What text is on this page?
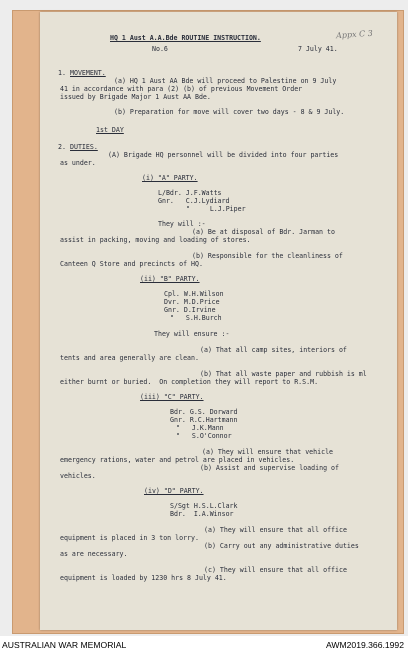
Appx C 3
HQ 1 Aust A.A.Bde ROUTINE INSTRUCTION.
No.6	7 July 41.
1. MOVEMENT.
(a) HQ 1 Aust AA Bde will proceed to Palestine on 9 July
41 in accordance with para (2) (b) of previous Movement Order
issued by Brigade Major 1 Aust AA Bde.
(b) Preparation for move will cover two days - 8 & 9 July.
1st DAY
2. DUTIES.
(A) Brigade HQ personnel will be divided into four parties
as under.
(i) "A" PARTY.
L/Bdr. J.F.Watts
Gnr.   C.J.Lydiard
"     L.J.Piper
They will :-
(a) Be at disposal of Bdr. Jarman to
assist in packing, moving and loading of stores.
(b) Responsible for the cleanliness of
Canteen Q Store and precincts of HQ.
(ii) "B" PARTY.
Cpl. W.H.Wilson
Dvr. M.D.Price
Gnr. D.Irvine
"   S.H.Burch
They will ensure :-
(a) That all camp sites, interiors of
tents and area generally are clean.
(b) That all waste paper and rubbish is ml
either burnt or buried.  On completion they will report to R.S.M.
(iii) "C" PARTY.
Bdr. G.S. Dorward
Gnr. R.C.Hartmann
"   J.K.Mann
"   S.O'Connor
(a) They will ensure that vehicle
emergency rations, water and petrol are placed in vehicles.
(b) Assist and supervise loading of
vehicles.
(iv) "D" PARTY.
S/Sgt H.S.L.Clark
Bdr.  I.A.Winsor
(a) They will ensure that all office
equipment is placed in 3 ton lorry.
(b) Carry out any administrative duties
as are necessary.
(c) They will ensure that all office
equipment is loaded by 1230 hrs 8 July 41.
AUSTRALIAN WAR MEMORIAL	AWM2019.366.1992
